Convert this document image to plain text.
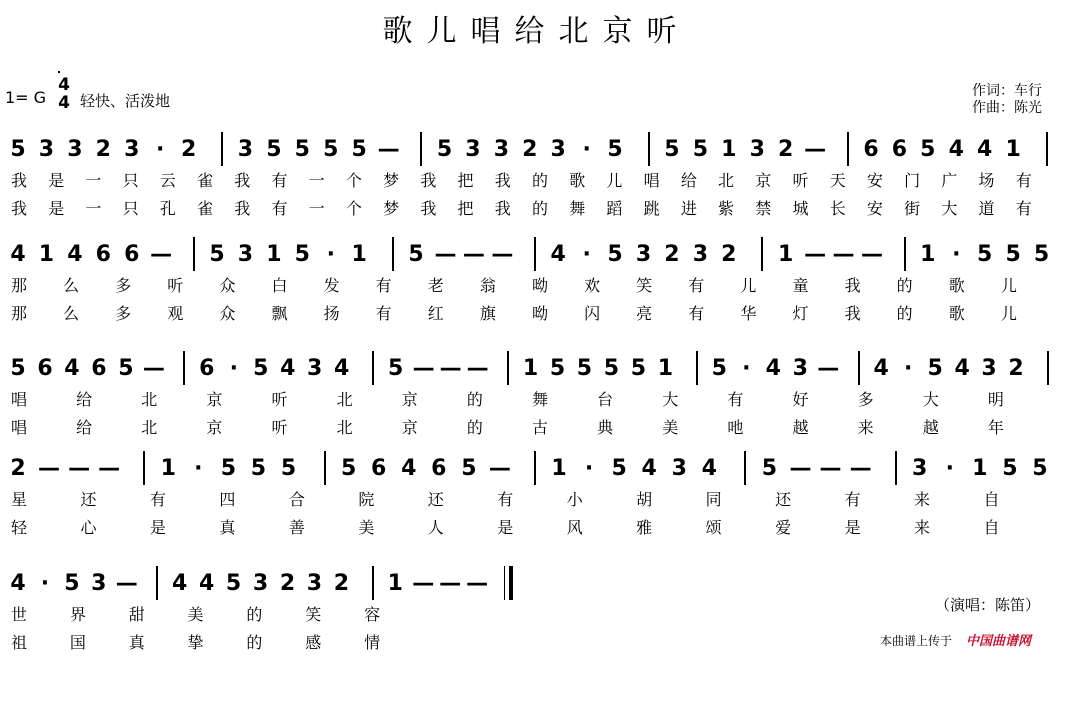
歌儿唱给北京听
1= G
4
4 轻快、活泼地
作词：车行
作曲：陈光
5 3 3 2 3 · 2 3 5 5 5 5 — 5 3 3 2 3 · 5 5 5 1 3 2 — 6 6 5 4 4 1
我 是 一 只 云 雀 我 有 一 个 梦 我 把 我 的 歌 儿 唱 给 北 京 听 天 安 门 广 场 有
我 是 一 只 孔 雀 我 有 一 个 梦 我 把 我 的 舞 蹈 跳 进 紫 禁 城 长 安 街 大 道 有
4 1 4 6 6 — 5 3 1 5 · 1 5 — — — 4 · 5 3 2 3 2 1 — — — 1 · 5 5 5
那 么 多 听 众 白 发 有 老 翁 呦 欢 笑 有 儿 童 我 的 歌 儿
那 么 多 观 众 飘 扬 有 红 旗 呦 闪 亮 有 华 灯 我 的 歌 儿
5 6 4 6 5 — 6 · 5 4 3 4 5 — — — 1 5 5 5 5 1 5 · 4 3 — 4 · 5 4 3 2
唱	给	北	京	听	北	京	的	舞	台	大	有	好	多	大	明
唱	给	北	京	听	北	京	的	古	典	美	吔	越	来	越	年
2 — — — 1 · 5 5 5 5 6 4 6 5 — 1 · 5 4 3 4 5 — — — 3 · 1 5 5
星	还	有	四	合	院	还	有	小	胡	同	还	有	来	自
轻	心	是	真	善	美	人	是	风	雅	颂	爱	是	来	自
4 · 5 3 — 4 4 5 3 2 3 2 1 — — —
世	界	甜	美	的	笑	容
祖	国	真	挚	的	感	情
（演唱：陈笛）
本曲谱上传于 中国曲谱网
